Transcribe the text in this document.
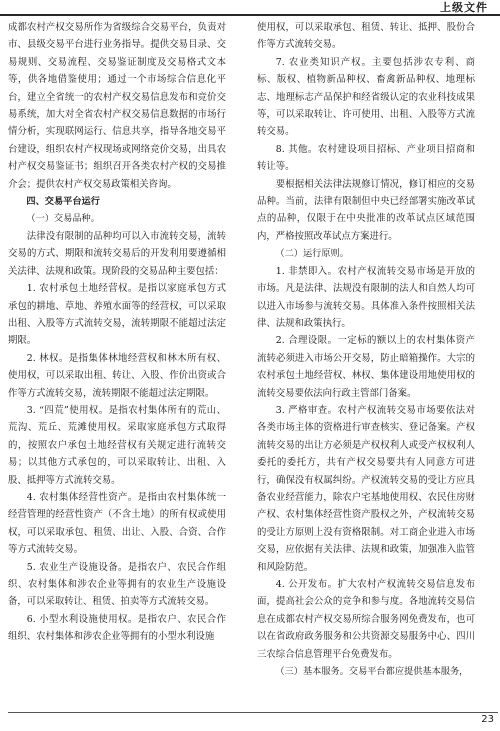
上级文件

成都农村产权交易所作为省级综合交易平台，负责对市、县级交易平台进行业务指导。提供交易目录、交易规则、交易流程、交易鉴证制度及交易格式文本等，供各地借鉴使用；通过一个市场综合信息化平台，建立全省统一的农村产权交易信息发布和竞价交易系统，加大对全省农村产权交易信息数据的市场行情分析，实现联网运行、信息共享，指导各地交易平台建设，组织农村产权现场或网络竞价交易，出具农村产权交易鉴证书；组织召开各类农村产权的交易推介会；提供农村产权交易政策相关咨询。

四、交易平台运行

（一）交易品种。

法律没有限制的品种均可以入市流转交易，流转交易的方式、期限和流转交易后的开发利用要遵循相关法律、法规和政策。现阶段的交易品种主要包括：

1. 农村承包土地经营权。是指以家庭承包方式承包的耕地、草地、养殖水面等的经营权，可以采取出租、入股等方式流转交易，流转期限不能超过法定期限。

2. 林权。是指集体林地经营权和林木所有权、使用权，可以采取出租、转让、入股、作价出资或合作等方式流转交易，流转期限不能超过法定期限。

3. “四荒”使用权。是指农村集体所有的荒山、荒沟、荒丘、荒滩使用权。采取家庭承包方式取得的，按照农户承包土地经营权有关规定进行流转交易；以其他方式承包的，可以采取转让、出租、入股、抵押等方式流转交易。

4. 农村集体经营性资产。是指由农村集体统一经营管理的经营性资产（不含土地）的所有权或使用权，可以采取承包、租赁、出让、入股、合资、合作等方式流转交易。

5. 农业生产设施设备。是指农户、农民合作组织、农村集体和涉农企业等拥有的农业生产设施设备，可以采取转让、租赁、拍卖等方式流转交易。

6. 小型水利设施使用权。是指农户、农民合作组织、农村集体和涉农企业等拥有的小型水利设施

使用权，可以采取承包、租赁、转让、抵押、股份合作等方式流转交易。

7. 农业类知识产权。主要包括涉农专利、商标、版权、植物新品种权、畜禽新品种权、地理标志、地理标志产品保护和经省级认定的农业科技成果等，可以采取转让、许可使用、出租、入股等方式流转交易。

8. 其他。农村建设项目招标、产业项目招商和转让等。

要根据相关法律法规修订情况，修订相应的交易品种。当前，法律有限制但中央已经部署实施改革试点的品种，仅限于在中央批准的改革试点区域范围内，严格按照改革试点方案进行。

（二）运行原则。

1. 非禁即入。农村产权流转交易市场是开放的市场。凡是法律、法规没有限制的法人和自然人均可以进入市场参与流转交易。具体准入条件按照相关法律、法规和政策执行。

2. 合理设限。一定标的额以上的农村集体资产流转必须进入市场公开交易，防止暗箱操作。大宗的农村承包土地经营权、林权、集体建设用地使用权的流转交易要依法向行政主管部门备案。

3. 严格审查。农村产权流转交易市场要依法对各类市场主体的资格进行审查核实、登记备案。产权流转交易的出让方必须是产权权利人或受产权权利人委托的委托方，共有产权交易要共有人同意方可进行，确保没有权属纠纷。产权流转交易的受让方应具备农业经营能力，除农户宅基地使用权、农民住房财产权、农村集体经营性资产股权之外，产权流转交易的受让方原则上没有资格限制。对工商企业进入市场交易，应依据有关法律、法规和政策，加强准入监管和风险防范。

4. 公开发布。扩大农村产权流转交易信息发布面，提高社会公众的竞争和参与度。各地流转交易信息在成都农村产权交易所综合服务网免费发布，也可以在省政府政务服务和公共资源交易服务中心、四川三农综合信息管理平台免费发布。

（三）基本服务。交易平台都应提供基本服务，

23
